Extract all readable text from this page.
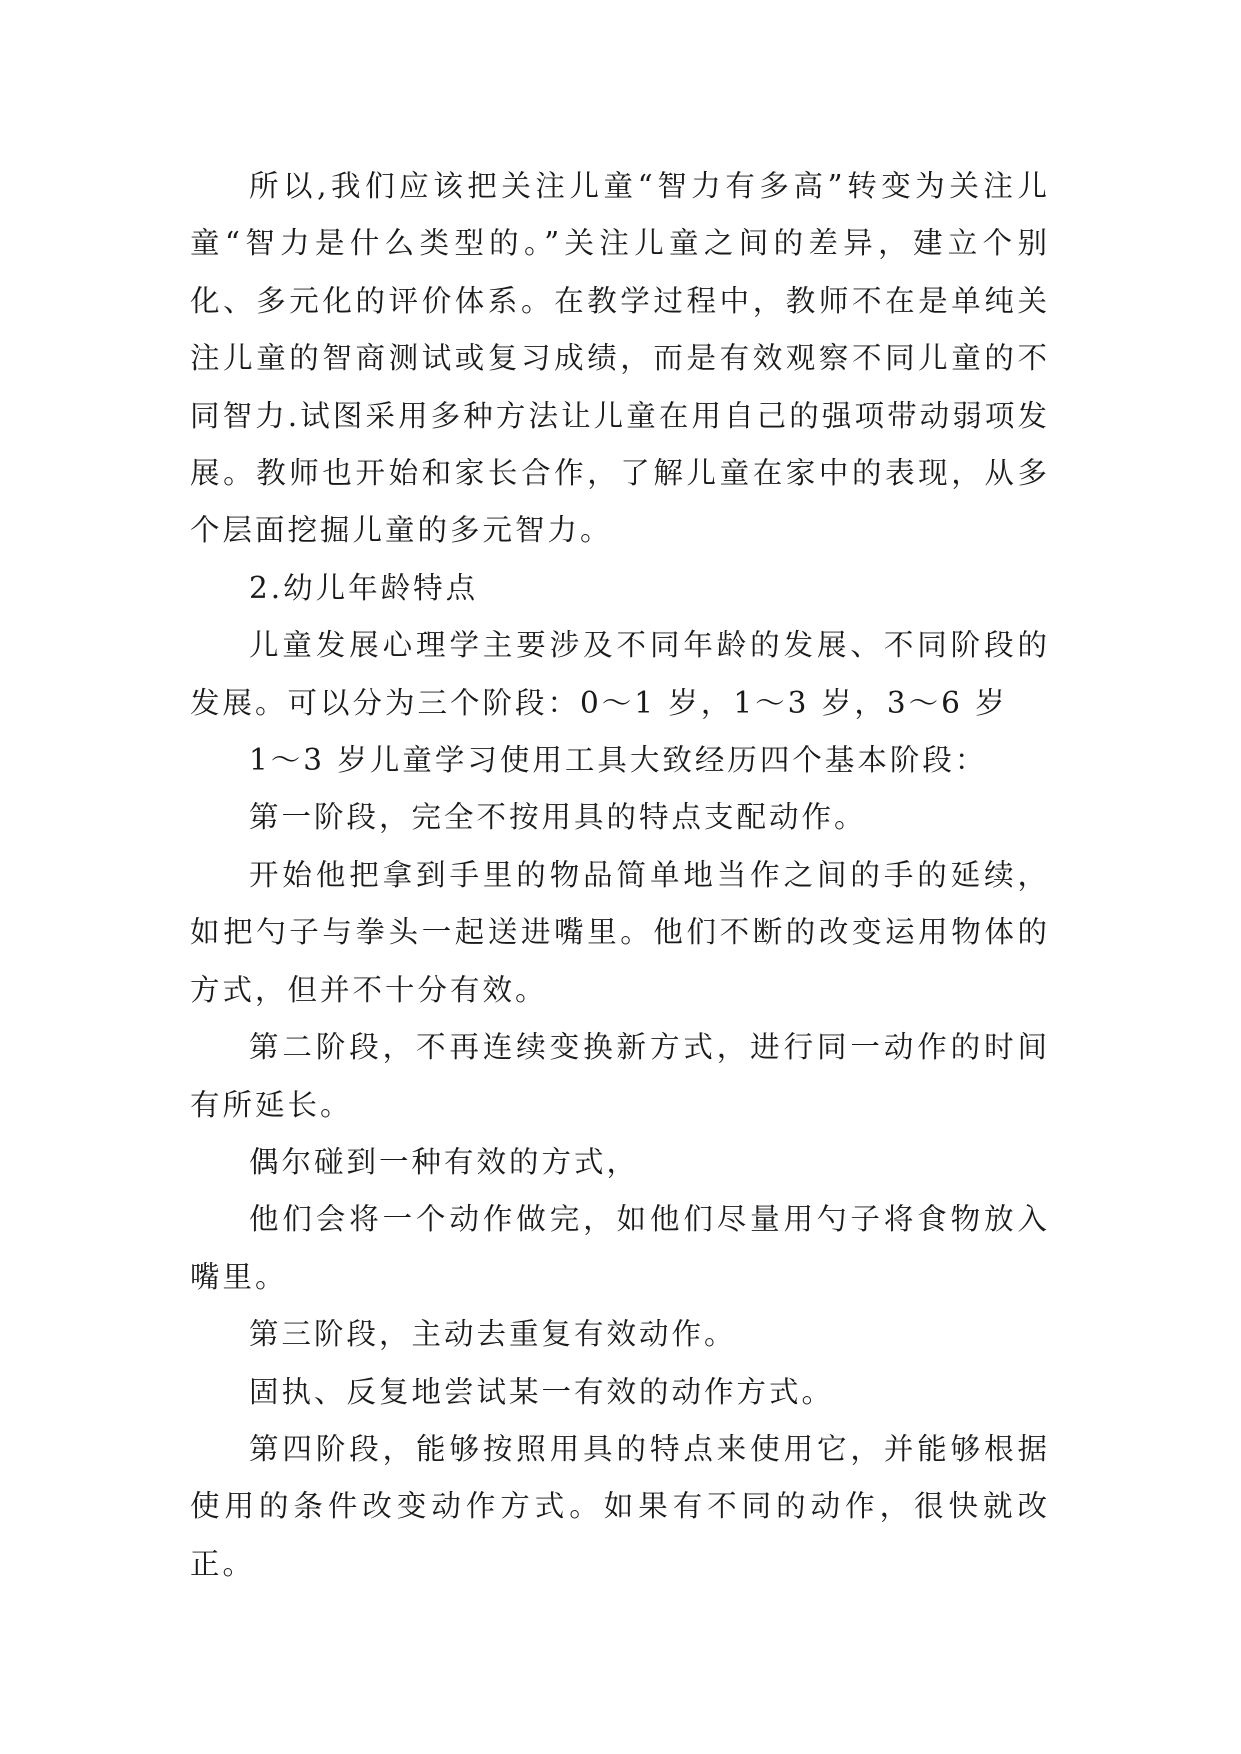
所以,我们应该把关注儿童“智力有多高”转变为关注儿童“智力是什么类型的。”关注儿童之间的差异，建立个别化、多元化的评价体系。在教学过程中，教师不在是单纯关注儿童的智商测试或复习成绩，而是有效观察不同儿童的不同智力.试图采用多种方法让儿童在用自己的强项带动弱项发展。教师也开始和家长合作，了解儿童在家中的表现，从多个层面挖掘儿童的多元智力。

2.幼儿年龄特点

儿童发展心理学主要涉及不同年龄的发展、不同阶段的发展。可以分为三个阶段：0～1 岁，1～3 岁，3～6 岁

1～3 岁儿童学习使用工具大致经历四个基本阶段：

第一阶段，完全不按用具的特点支配动作。

开始他把拿到手里的物品简单地当作之间的手的延续，如把勺子与拳头一起送进嘴里。他们不断的改变运用物体的方式，但并不十分有效。

第二阶段，不再连续变换新方式，进行同一动作的时间有所延长。

偶尔碰到一种有效的方式，

他们会将一个动作做完，如他们尽量用勺子将食物放入嘴里。

第三阶段，主动去重复有效动作。

固执、反复地尝试某一有效的动作方式。

第四阶段，能够按照用具的特点来使用它，并能够根据使用的条件改变动作方式。如果有不同的动作，很快就改正。
